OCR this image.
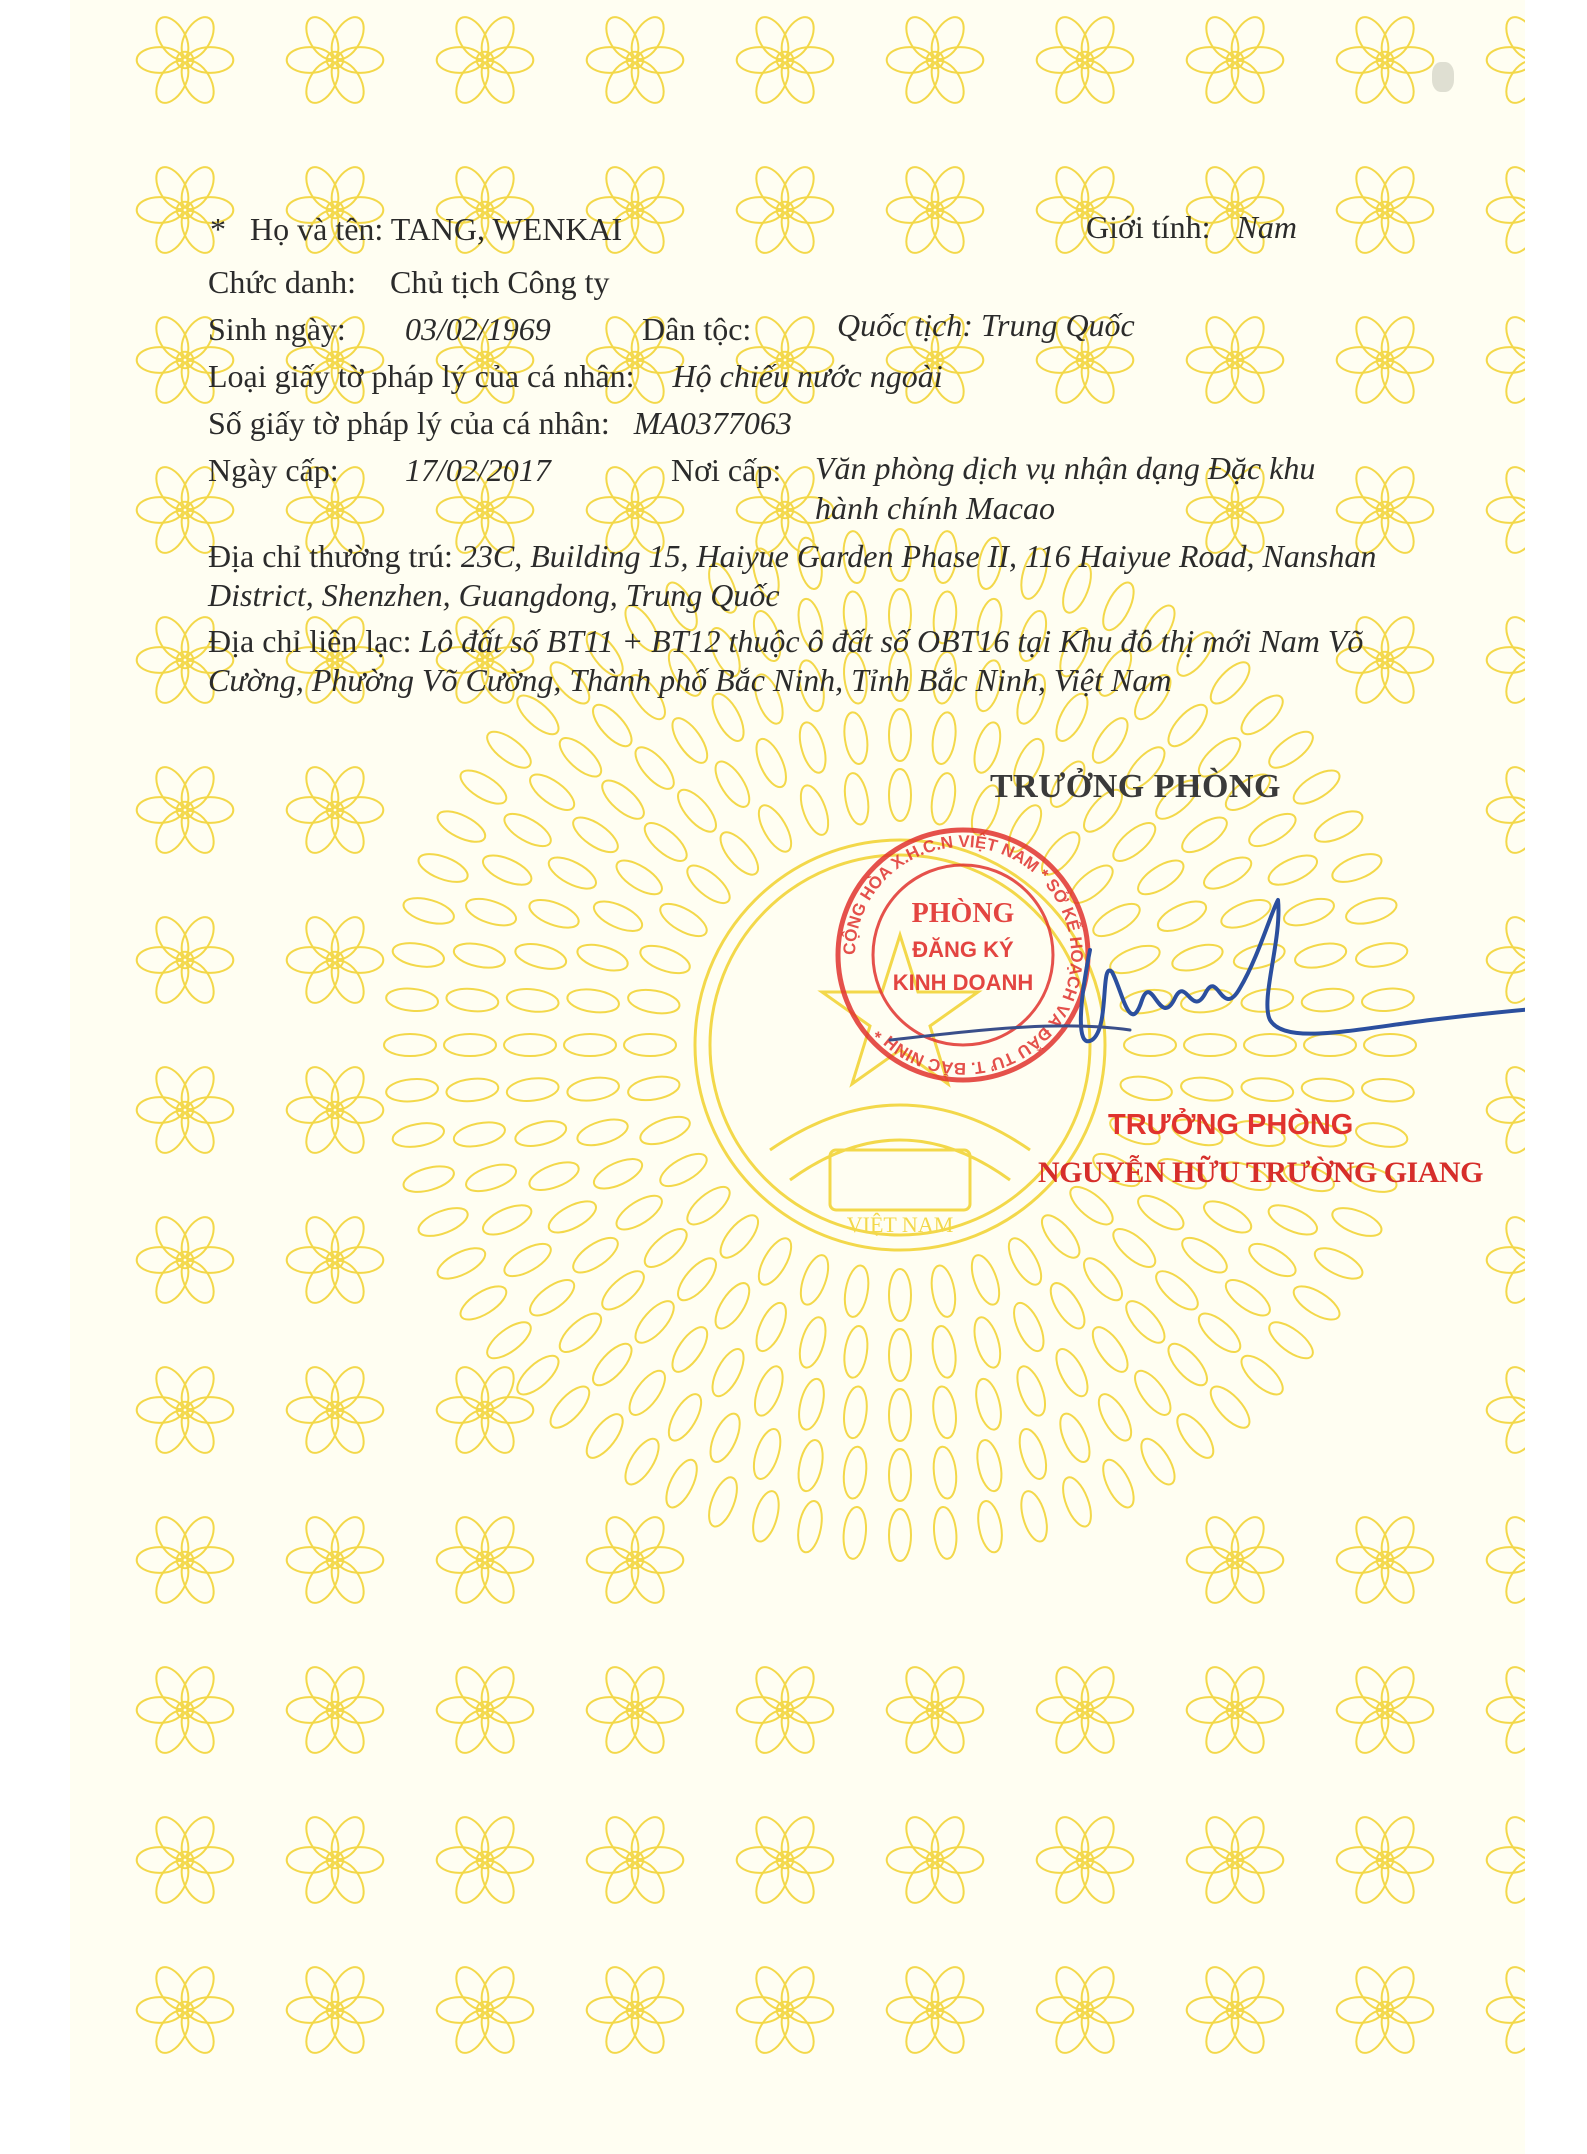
VIỆT NAM
* Họ và tên: TANG, WENKAI	Giới tính: Nam
Chức danh: Chủ tịch Công ty
Sinh ngày: 03/02/1969	Dân tộc:	Quốc tịch: Trung Quốc
Loại giấy tờ pháp lý của cá nhân: Hộ chiếu nước ngoài
Số giấy tờ pháp lý của cá nhân: MA0377063
Ngày cấp: 17/02/2017	Nơi cấp: Văn phòng dịch vụ nhận dạng Đặc khu
hành chính Macao
Địa chỉ thường trú: 23C, Building 15, Haiyue Garden Phase II, 116 Haiyue Road, Nanshan District, Shenzhen, Guangdong, Trung Quốc
Địa chỉ liên lạc: Lô đất số BT11 + BT12 thuộc ô đất số OBT16 tại Khu đô thị mới Nam Võ Cường, Phường Võ Cường, Thành phố Bắc Ninh, Tỉnh Bắc Ninh, Việt Nam
TRƯỞNG PHÒNG
CỘNG HÒA X.H.C.N VIỆT NAM * SỞ KẾ HOẠCH VÀ ĐẦU TƯ T. BẮC NINH *
PHÒNG
ĐĂNG KÝ
KINH DOANH
TRƯỞNG PHÒNG
NGUYỄN HỮU TRƯỜNG GIANG
